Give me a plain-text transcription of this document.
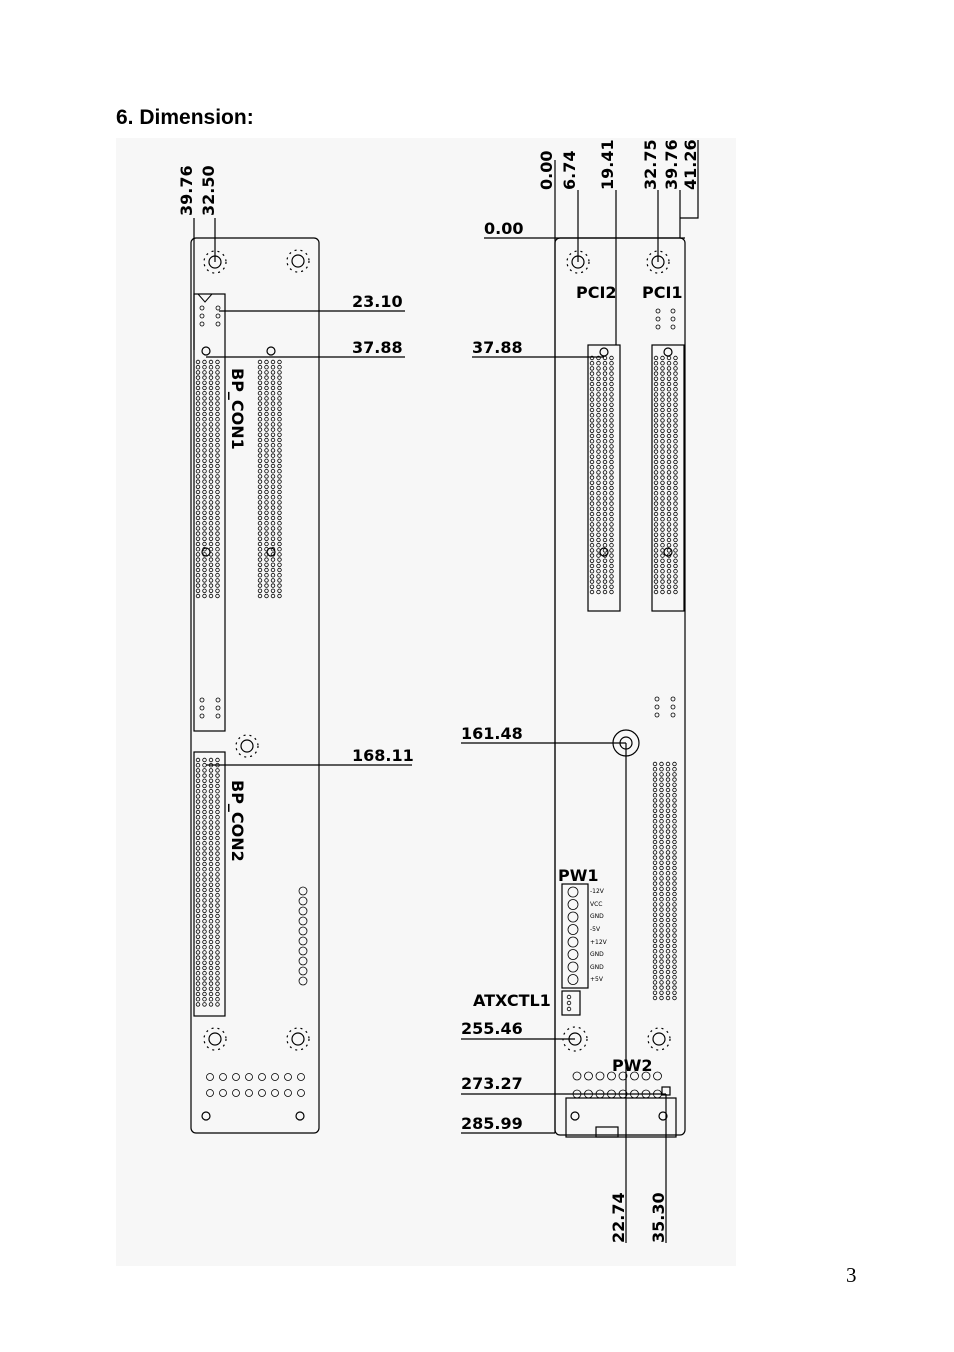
6. Dimension:
3
39.76 32.50
23.10
37.88
168.11
BP_CON1
BP_CON2
0.00 6.74 19.41 32.75 39.76 41.26
0.00
37.88
161.48
255.46
273.27
285.99
22.74 35.30
PCI2 PCI1
PW1
PW2
ATXCTL1
-12V
VCC
GND
-5V
+12V
GND
GND
+5V
